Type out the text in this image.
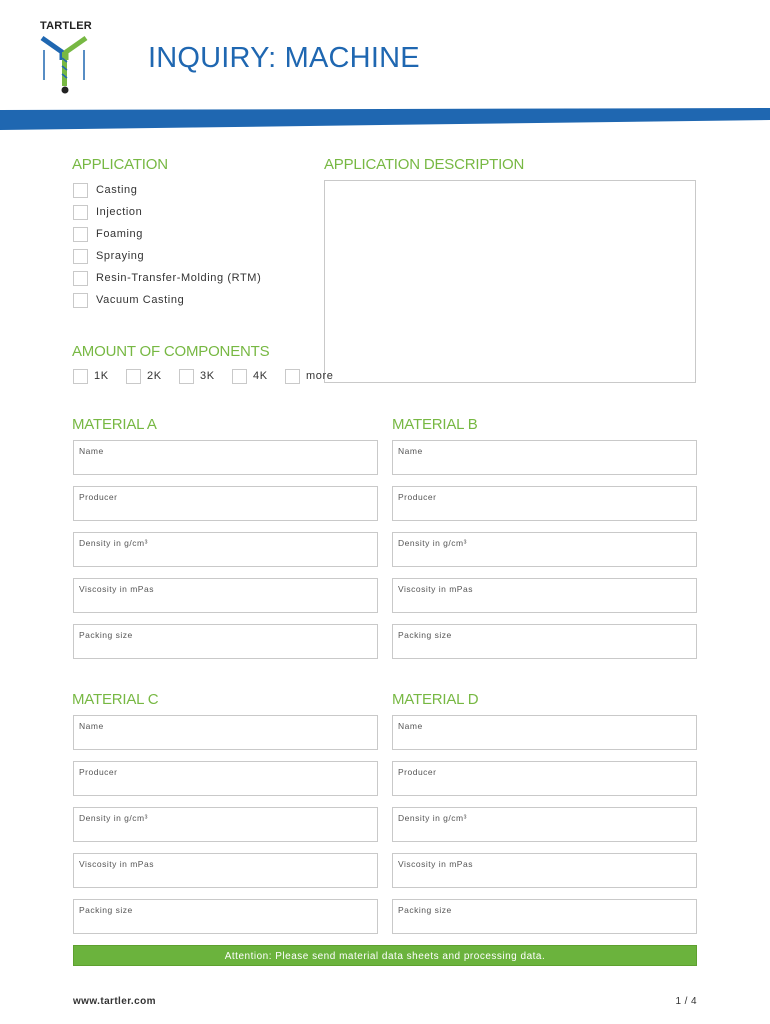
TARTLER
INQUIRY: MACHINE
APPLICATION
Casting
Injection
Foaming
Spraying
Resin-Transfer-Molding (RTM)
Vacuum Casting
APPLICATION DESCRIPTION
AMOUNT OF COMPONENTS
1K	2K	3K	4K	more
MATERIAL A
Name
Producer
Density in g/cm³
Viscosity in mPas
Packing size
MATERIAL B
Name
Producer
Density in g/cm³
Viscosity in mPas
Packing size
MATERIAL C
Name
Producer
Density in g/cm³
Viscosity in mPas
Packing size
MATERIAL D
Name
Producer
Density in g/cm³
Viscosity in mPas
Packing size
Attention: Please send material data sheets and processing data.
www.tartler.com	1 / 4
